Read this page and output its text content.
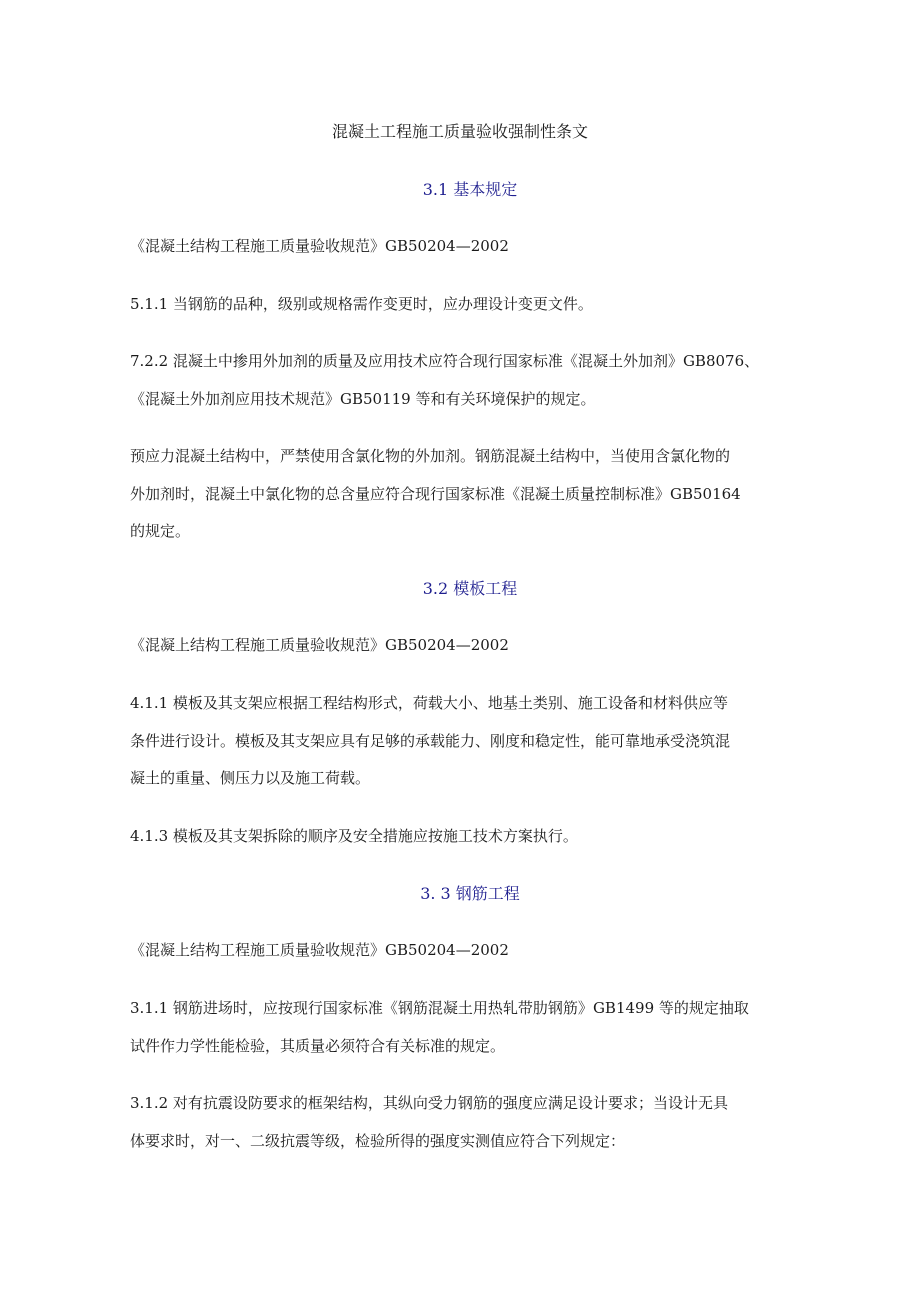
混凝土工程施工质量验收强制性条文
3.1 基本规定

《混凝土结构工程施工质量验收规范》GB50204—2002

5.1.1 当钢筋的品种，级别或规格需作变更时，应办理设计变更文件。

7.2.2 混凝土中掺用外加剂的质量及应用技术应符合现行国家标准《混凝土外加剂》GB8076、
《混凝土外加剂应用技术规范》GB50119 等和有关环境保护的规定。

预应力混凝土结构中，严禁使用含氯化物的外加剂。钢筋混凝土结构中，当使用含氯化物的
外加剂时，混凝土中氯化物的总含量应符合现行国家标准《混凝土质量控制标准》GB50164
的规定。

3.2 模板工程

《混凝上结构工程施工质量验收规范》GB50204—2002

4.1.1 模板及其支架应根据工程结构形式，荷载大小、地基土类别、施工设备和材料供应等
条件进行设计。模板及其支架应具有足够的承载能力、刚度和稳定性，能可靠地承受浇筑混
凝土的重量、侧压力以及施工荷载。

4.1.3 模板及其支架拆除的顺序及安全措施应按施工技术方案执行。

3. 3 钢筋工程

《混凝上结构工程施工质量验收规范》GB50204—2002

3.1.1 钢筋进场时，应按现行国家标准《钢筋混凝土用热轧带肋钢筋》GB1499 等的规定抽取
试件作力学性能检验，其质量必须符合有关标准的规定。

3.1.2 对有抗震设防要求的框架结构，其纵向受力钢筋的强度应满足设计要求；当设计无具
体要求时，对一、二级抗震等级，检验所得的强度实测值应符合下列规定：
